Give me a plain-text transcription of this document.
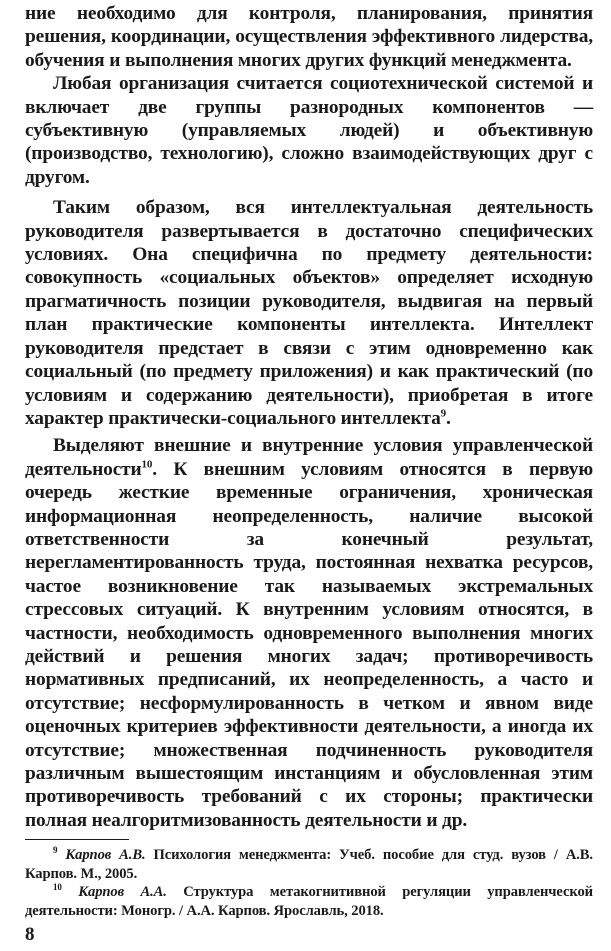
ние необходимо для контроля, планирования, принятия решения, координации, осуществления эффективного лидерства, обучения и выполнения многих других функций менеджмента.

Любая организация считается социотехнической системой и включает две группы разнородных компонентов — субъективную (управляемых людей) и объективную (производство, технологию), сложно взаимодействующих друг с другом.

Таким образом, вся интеллектуальная деятельность руководителя развертывается в достаточно специфических условиях. Она специфична по предмету деятельности: совокупность «социальных объектов» определяет исходную прагматичность позиции руководителя, выдвигая на первый план практические компоненты интеллекта. Интеллект руководителя предстает в связи с этим одновременно как социальный (по предмету приложения) и как практический (по условиям и содержанию деятельности), приобретая в итоге характер практически-социального интеллекта$^9$.

Выделяют внешние и внутренние условия управленческой деятельности$^{10}$. К внешним условиям относятся в первую очередь жесткие временные ограничения, хроническая информационная неопределенность, наличие высокой ответственности за конечный результат, нерегламентированность труда, постоянная нехватка ресурсов, частое возникновение так называемых экстремальных стрессовых ситуаций. К внутренним условиям относятся, в частности, необходимость одновременного выполнения многих действий и решения многих задач; противоречивость нормативных предписаний, их неопределенность, а часто и отсутствие; несформулированность в четком и явном виде оценочных критериев эффективности деятельности, а иногда их отсутствие; множественная подчиненность руководителя различным вышестоящим инстанциям и обусловленная этим противоречивость требований с их стороны; практически полная неалгоритмизованность деятельности и др.

$^9$ Карпов А.В. Психология менеджмента: Учеб. пособие для студ. вузов / А.В. Карпов. М., 2005.

$^{10}$ Карпов А.А. Структура метакогнитивной регуляции управленческой деятельности: Моногр. / А.А. Карпов. Ярославль, 2018.

8
